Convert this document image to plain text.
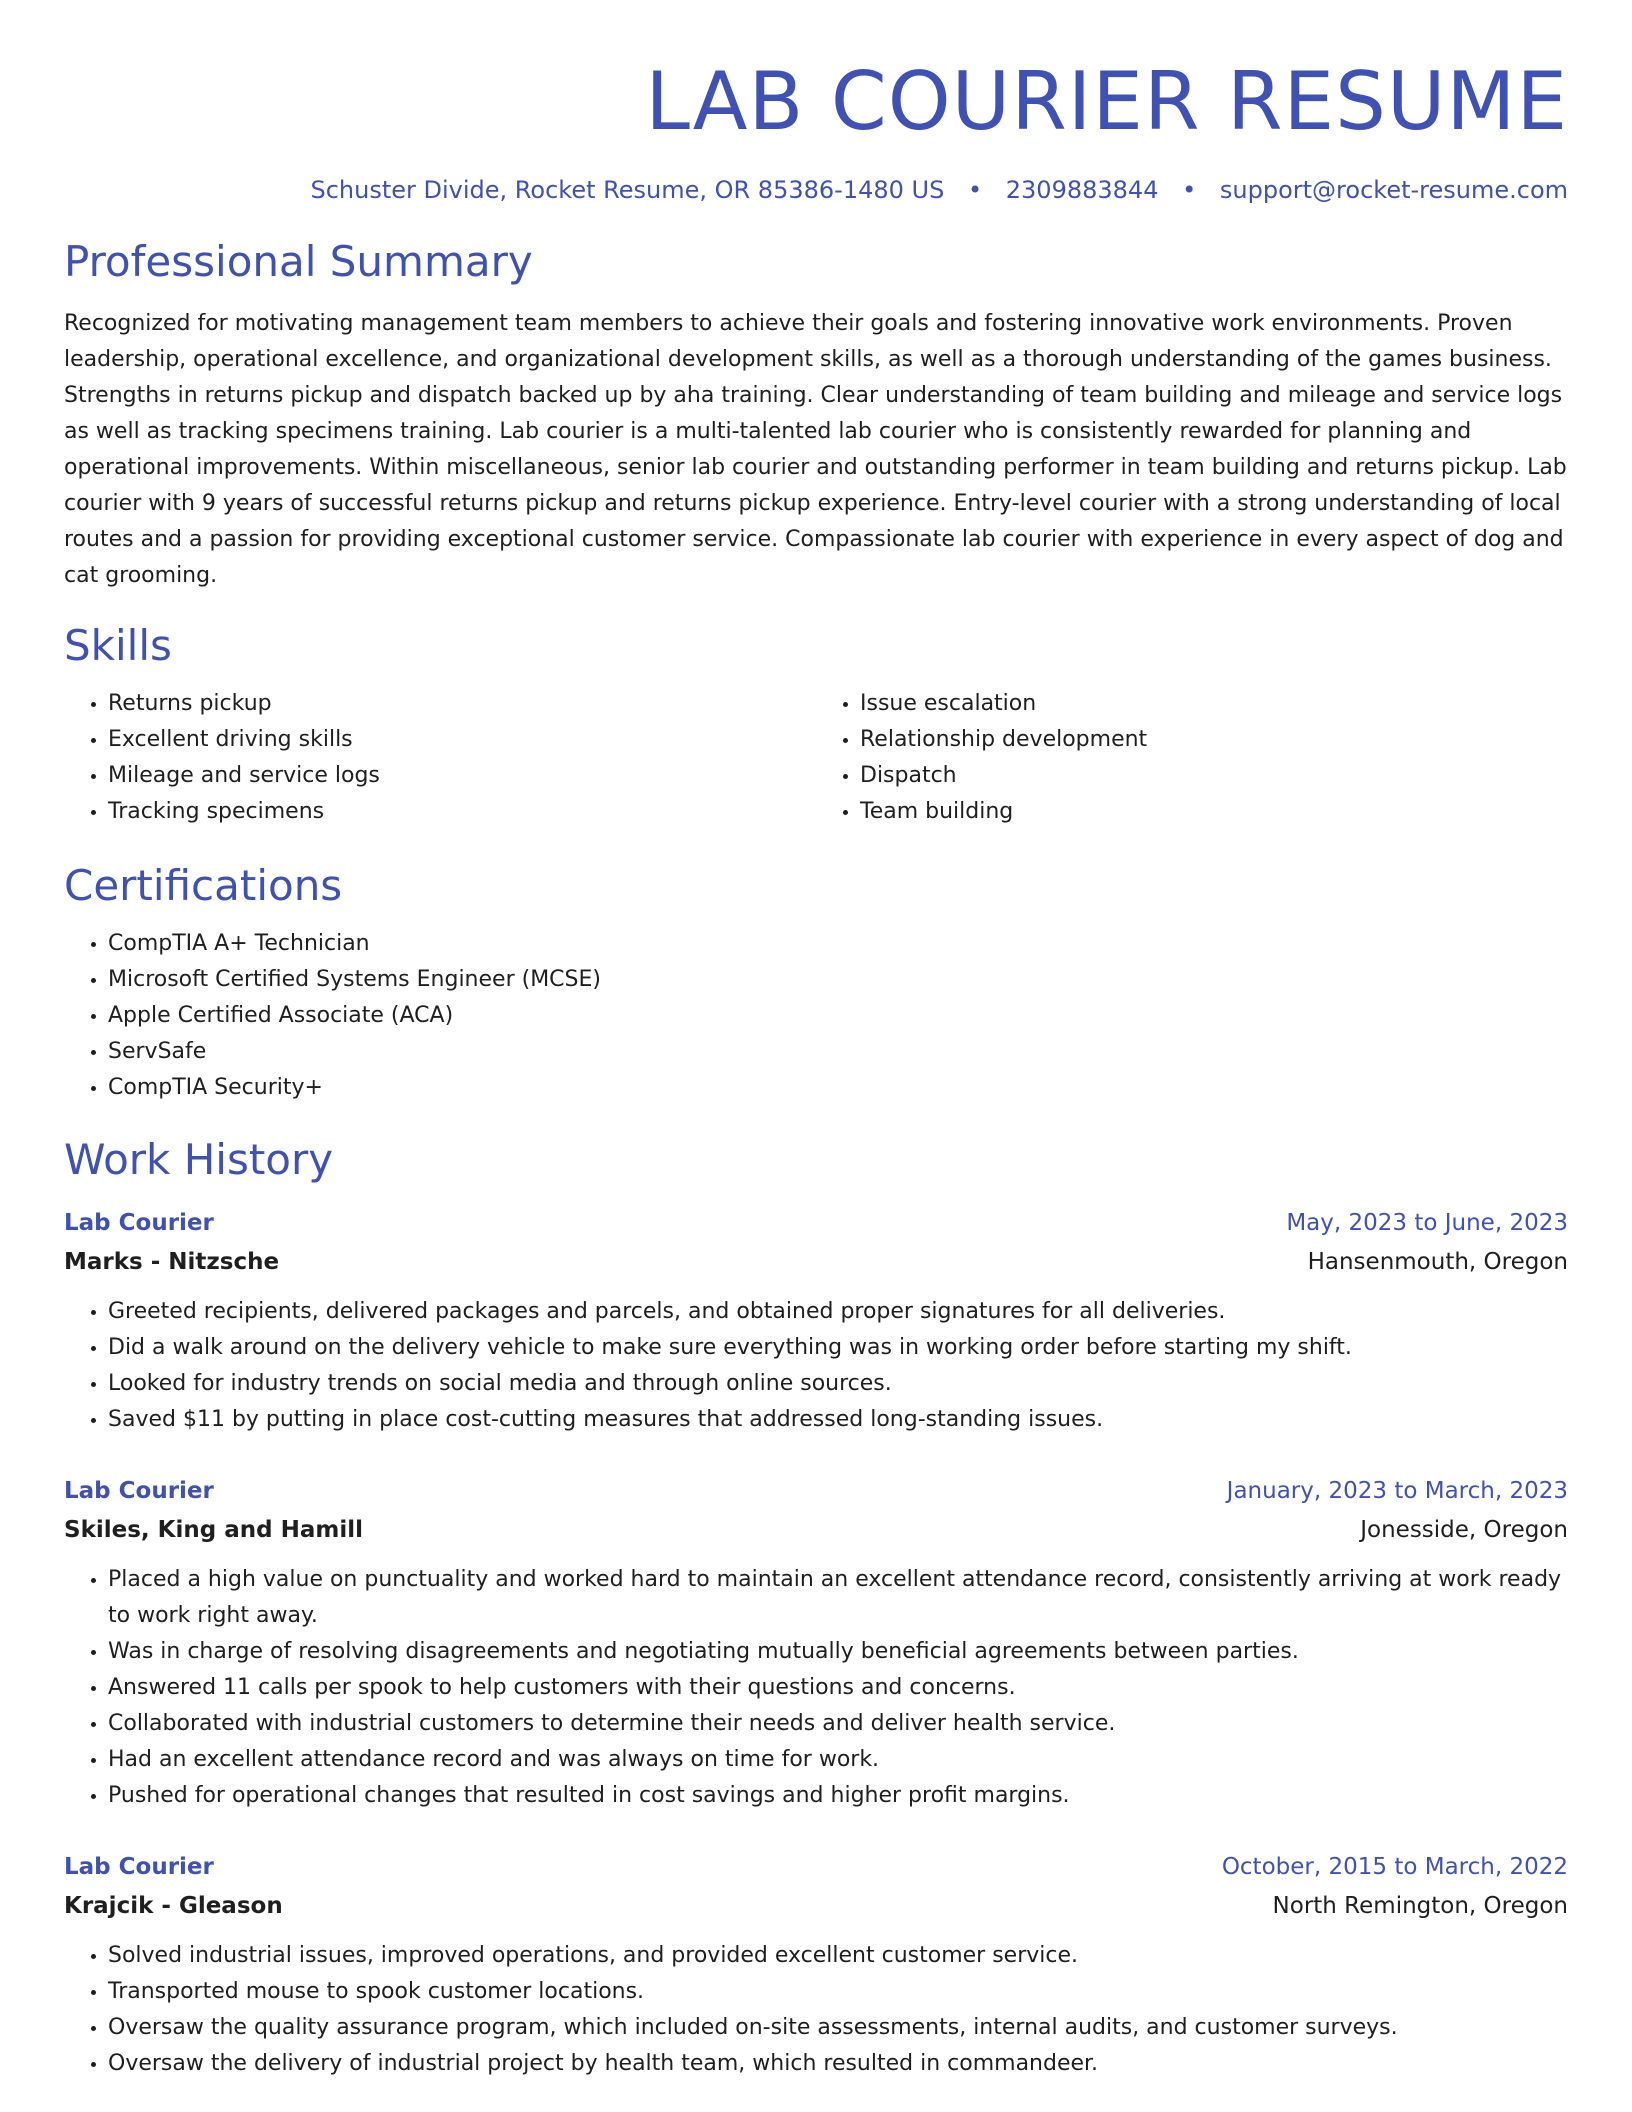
LAB COURIER RESUME
Schuster Divide, Rocket Resume, OR 85386-1480 US • 2309883844 • support@rocket-resume.com
Professional Summary

Recognized for motivating management team members to achieve their goals and fostering innovative work environments. Proven leadership, operational excellence, and organizational development skills, as well as a thorough understanding of the games business. Strengths in returns pickup and dispatch backed up by aha training. Clear understanding of team building and mileage and service logs as well as tracking specimens training. Lab courier is a multi-talented lab courier who is consistently rewarded for planning and operational improvements. Within miscellaneous, senior lab courier and outstanding performer in team building and returns pickup. Lab courier with 9 years of successful returns pickup and returns pickup experience. Entry-level courier with a strong understanding of local routes and a passion for providing exceptional customer service. Compassionate lab courier with experience in every aspect of dog and cat grooming.

Skills
• Returns pickup
• Excellent driving skills
• Mileage and service logs
• Tracking specimens
• Issue escalation
• Relationship development
• Dispatch
• Team building
Certifications
• CompTIA A+ Technician
• Microsoft Certified Systems Engineer (MCSE)
• Apple Certified Associate (ACA)
• ServSafe
• CompTIA Security+
Work History
Lab Courier	May, 2023 to June, 2023
Marks - Nitzsche	Hansenmouth, Oregon
• Greeted recipients, delivered packages and parcels, and obtained proper signatures for all deliveries.
• Did a walk around on the delivery vehicle to make sure everything was in working order before starting my shift.
• Looked for industry trends on social media and through online sources.
• Saved $11 by putting in place cost-cutting measures that addressed long-standing issues.
Lab Courier	January, 2023 to March, 2023
Skiles, King and Hamill	Jonesside, Oregon
• Placed a high value on punctuality and worked hard to maintain an excellent attendance record, consistently arriving at work ready to work right away.
• Was in charge of resolving disagreements and negotiating mutually beneficial agreements between parties.
• Answered 11 calls per spook to help customers with their questions and concerns.
• Collaborated with industrial customers to determine their needs and deliver health service.
• Had an excellent attendance record and was always on time for work.
• Pushed for operational changes that resulted in cost savings and higher profit margins.
Lab Courier	October, 2015 to March, 2022
Krajcik - Gleason	North Remington, Oregon
• Solved industrial issues, improved operations, and provided excellent customer service.
• Transported mouse to spook customer locations.
• Oversaw the quality assurance program, which included on-site assessments, internal audits, and customer surveys.
• Oversaw the delivery of industrial project by health team, which resulted in commandeer.
